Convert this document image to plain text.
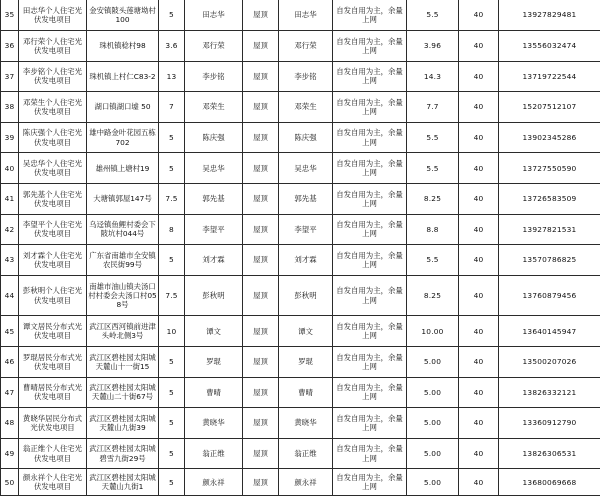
35	田志华个人住宅光伏发电项目	金安镇陂头莲塘坳村100	5	田志华	屋顶	田志华	自发自用为主，余量上网	5.5	40	13927829481
36	邓行荣个人住宅光伏发电项目	珠机镇稔村98	3.6	邓行荣	屋顶	邓行荣	自发自用为主，余量上网	3.96	40	13556032474
37	李步铭个人住宅光伏发电项目	珠机镇上村仁C83-2	13	李步铭	屋顶	李步铭	自发自用为主，余量上网	14.3	40	13719722544
38	邓荣生个人住宅光伏发电项目	湖口镇湖口墟 50	7	邓荣生	屋顶	邓荣生	自发自用为主，余量上网	7.7	40	15207512107
39	陈庆强个人住宅光伏发电项目	雄中路金叶花园五栋702	5	陈庆强	屋顶	陈庆强	自发自用为主，余量上网	5.5	40	13902345286
40	吴忠华个人住宅光伏发电项目	雄州镇上塘村19	5	吴忠华	屋顶	吴忠华	自发自用为主，余量上网	5.5	40	13727550590
41	郭先基个人住宅光伏发电项目	大塘镇郭屋147号	7.5	郭先基	屋顶	郭先基	自发自用为主，余量上网	8.25	40	13726583509
42	李望平个人住宅光伏发电项目	乌迳镇鱼鲤村委会下陂坑村044号	8	李望平	屋顶	李望平	自发自用为主，余量上网	8.8	40	13927821531
43	刘才霖个人住宅光伏发电项目	广东省南雄市全安镇农民街99号	5	刘才霖	屋顶	刘才霖	自发自用为主，余量上网	5.5	40	13570786825
44	彭秋明个人住宅光伏发电项目	南雄市油山镇夫汤口村村委会夫汤口村058号	7.5	彭秋明	屋顶	彭秋明	自发自用为主，余量上网	8.25	40	13760879456
45	谭文居民分布式光伏发电项目	武江区西河镇前进津头岭北侧3号	10	谭文	屋顶	谭文	自发自用为主，余量上网	10.00	40	13640145947
46	罗琨居民分布式光伏发电项目	武江区碧桂园太阳城天麓山十一街15	5	罗琨	屋顶	罗琨	自发自用为主，余量上网	5.00	40	13500207026
47	曹晴居民分布式光伏发电项目	武江区碧桂园太阳城天麓山二十街67号	5	曹晴	屋顶	曹晴	自发自用为主，余量上网	5.00	40	13826332121
48	黄晓华居民分布式光伏发电项目	武江区碧桂园太阳城天麓山九街39	5	黄晓华	屋顶	黄晓华	自发自用为主，余量上网	5.00	40	13360912790
49	翁正维个人住宅光伏发电项目	武江区碧桂园太阳城碧雪九街29号	5	翁正维	屋顶	翁正维	自发自用为主，余量上网	5.00	40	13826306531
50	颜永祥个人住宅光伏发电项目	武江区碧桂园太阳城天麓山九街1	5	颜永祥	屋顶	颜永祥	自发自用为主，余量上网	5.00	40	13680069668
